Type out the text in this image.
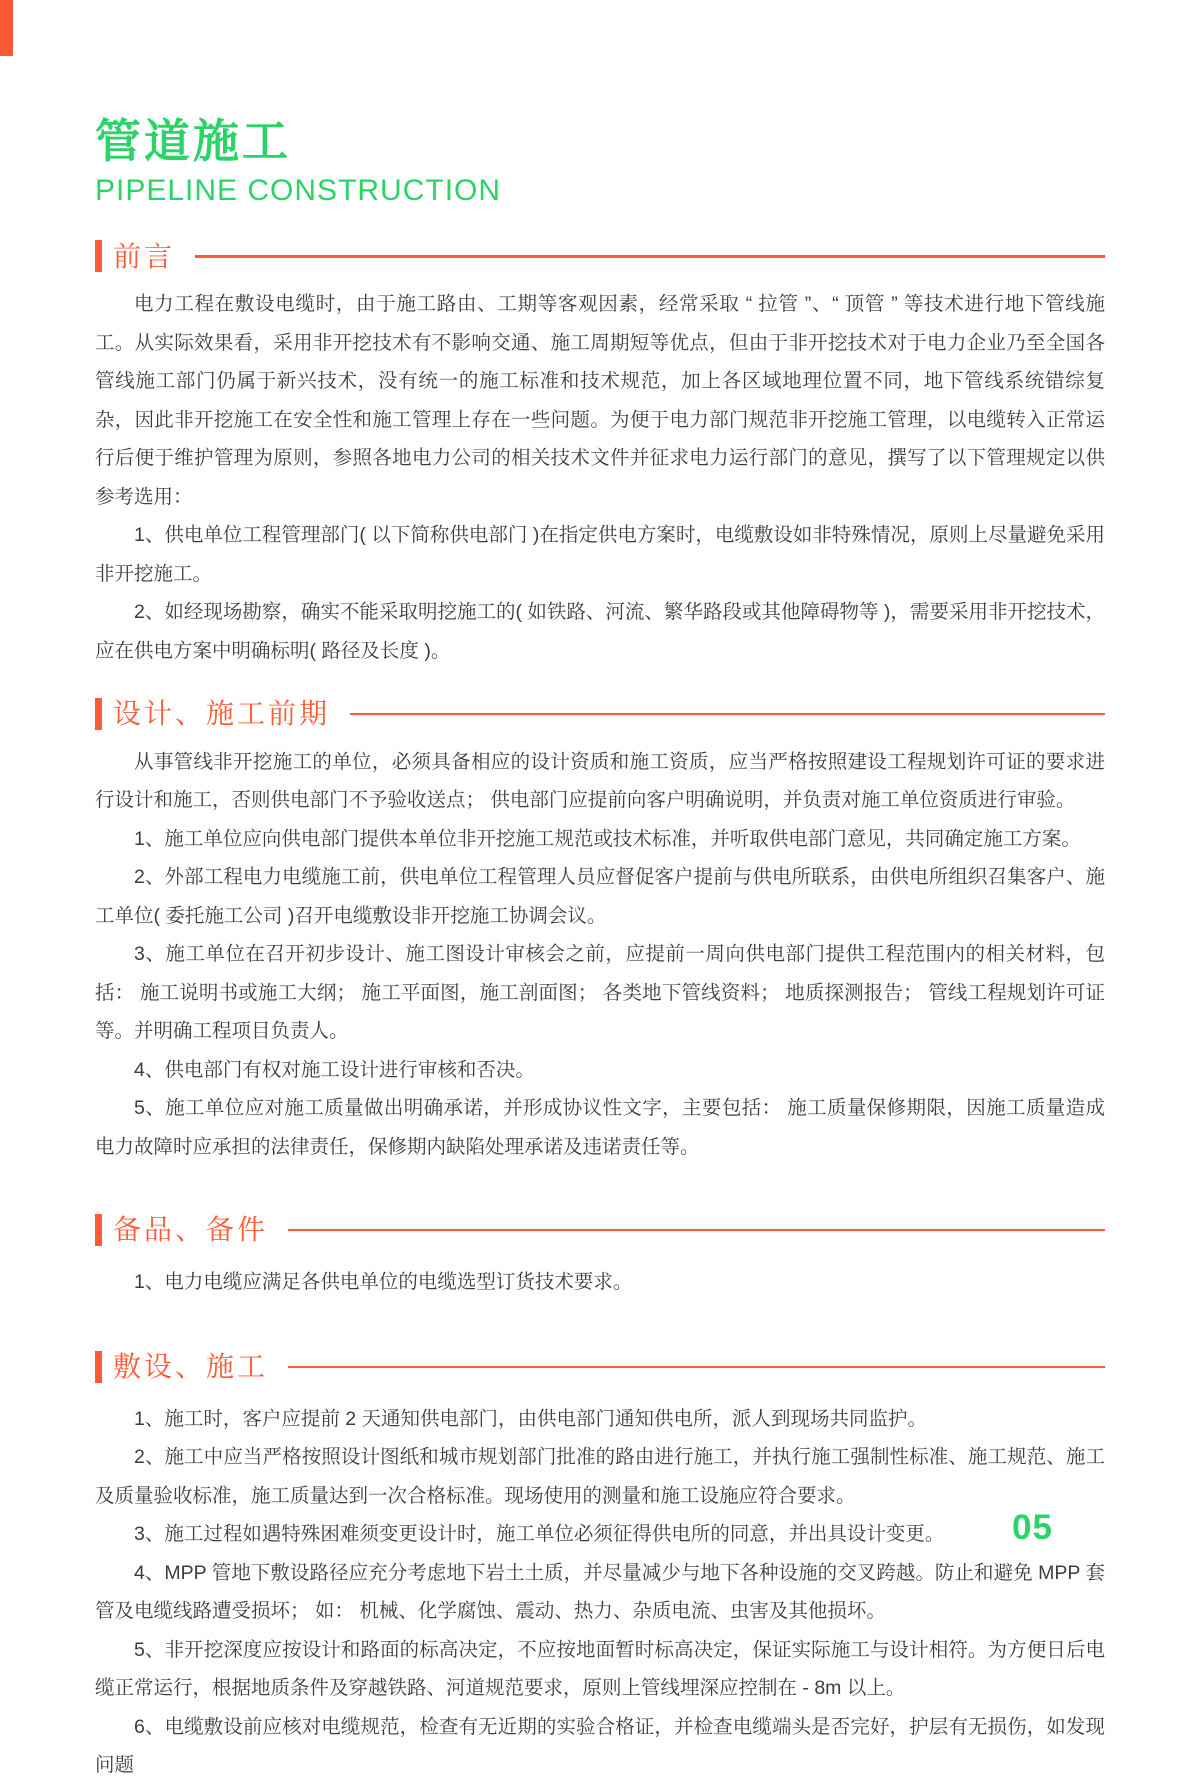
管道施工
PIPELINE CONSTRUCTION
前言

电力工程在敷设电缆时，由于施工路由、工期等客观因素，经常采取 “ 拉管 ”、“ 顶管 ” 等技术进行地下管线施工。从实际效果看，采用非开挖技术有不影响交通、施工周期短等优点，但由于非开挖技术对于电力企业乃至全国各管线施工部门仍属于新兴技术，没有统一的施工标准和技术规范，加上各区域地理位置不同，地下管线系统错综复杂，因此非开挖施工在安全性和施工管理上存在一些问题。为便于电力部门规范非开挖施工管理，以电缆转入正常运行后便于维护管理为原则，参照各地电力公司的相关技术文件并征求电力运行部门的意见，撰写了以下管理规定以供参考选用：

1、供电单位工程管理部门( 以下简称供电部门 )在指定供电方案时，电缆敷设如非特殊情况，原则上尽量避免采用非开挖施工。

2、如经现场勘察，确实不能采取明挖施工的( 如铁路、河流、繁华路段或其他障碍物等 )，需要采用非开挖技术，应在供电方案中明确标明( 路径及长度 )。

设计、施工前期

从事管线非开挖施工的单位，必须具备相应的设计资质和施工资质，应当严格按照建设工程规划许可证的要求进行设计和施工，否则供电部门不予验收送点； 供电部门应提前向客户明确说明，并负责对施工单位资质进行审验。

1、施工单位应向供电部门提供本单位非开挖施工规范或技术标准，并听取供电部门意见，共同确定施工方案。

2、外部工程电力电缆施工前，供电单位工程管理人员应督促客户提前与供电所联系，由供电所组织召集客户、施工单位( 委托施工公司 )召开电缆敷设非开挖施工协调会议。

3、施工单位在召开初步设计、施工图设计审核会之前，应提前一周向供电部门提供工程范围内的相关材料，包括： 施工说明书或施工大纲； 施工平面图，施工剖面图； 各类地下管线资料； 地质探测报告； 管线工程规划许可证等。并明确工程项目负责人。

4、供电部门有权对施工设计进行审核和否决。

5、施工单位应对施工质量做出明确承诺，并形成协议性文字，主要包括： 施工质量保修期限，因施工质量造成电力故障时应承担的法律责任，保修期内缺陷处理承诺及违诺责任等。

备品、备件

1、电力电缆应满足各供电单位的电缆选型订货技术要求。

敷设、施工

1、施工时，客户应提前 2 天通知供电部门，由供电部门通知供电所，派人到现场共同监护。

2、施工中应当严格按照设计图纸和城市规划部门批准的路由进行施工，并执行施工强制性标准、施工规范、施工及质量验收标准，施工质量达到一次合格标准。现场使用的测量和施工设施应符合要求。

3、施工过程如遇特殊困难须变更设计时，施工单位必须征得供电所的同意，并出具设计变更。

4、MPP 管地下敷设路径应充分考虑地下岩土土质，并尽量减少与地下各种设施的交叉跨越。防止和避免 MPP 套管及电缆线路遭受损坏； 如： 机械、化学腐蚀、震动、热力、杂质电流、虫害及其他损坏。

5、非开挖深度应按设计和路面的标高决定，不应按地面暂时标高决定，保证实际施工与设计相符。为方便日后电缆正常运行，根据地质条件及穿越铁路、河道规范要求，原则上管线埋深应控制在 - 8m 以上。

6、电缆敷设前应核对电缆规范，检查有无近期的实验合格证，并检查电缆端头是否完好，护层有无损伤，如发现问题

05
